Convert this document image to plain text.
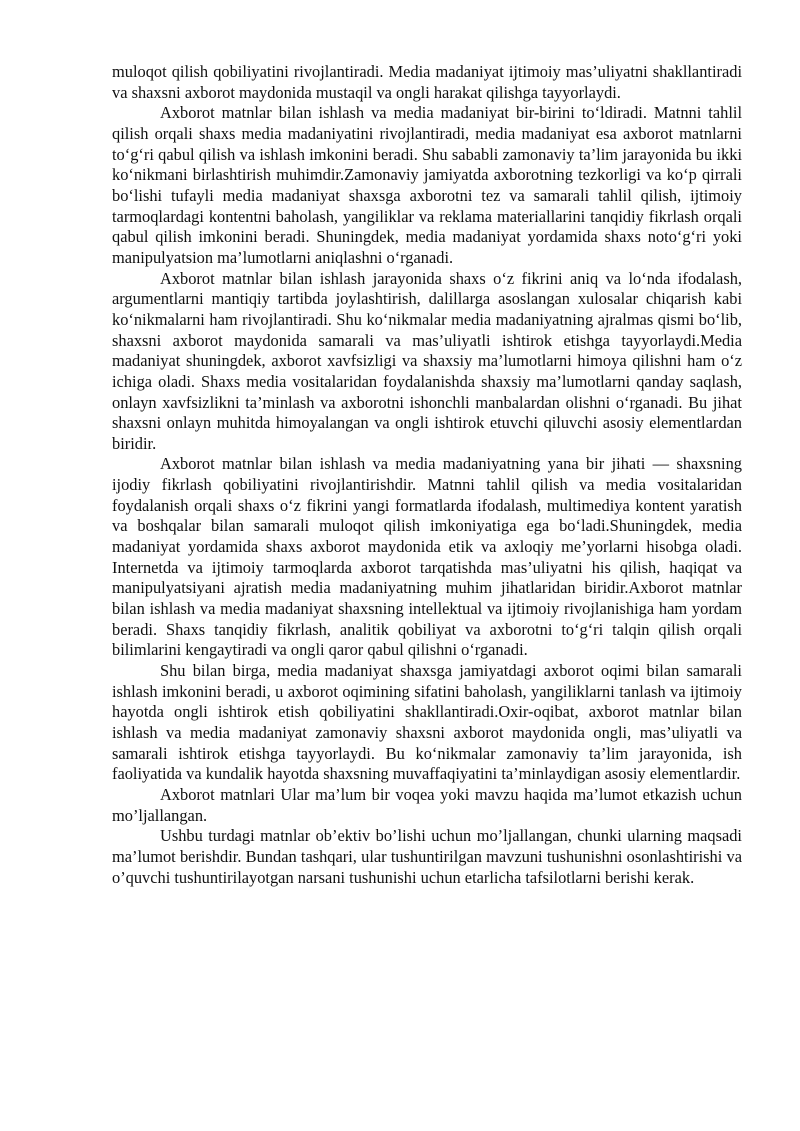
muloqot qilish qobiliyatini rivojlantiradi. Media madaniyat ijtimoiy mas’uliyatni shakllantiradi va shaxsni axborot maydonida mustaqil va ongli harakat qilishga tayyorlaydi.

Axborot matnlar bilan ishlash va media madaniyat bir-birini to‘ldiradi. Matnni tahlil qilish orqali shaxs media madaniyatini rivojlantiradi, media madaniyat esa axborot matnlarni to‘g‘ri qabul qilish va ishlash imkonini beradi. Shu sababli zamonaviy ta’lim jarayonida bu ikki ko‘nikmani birlashtirish muhimdir.Zamonaviy jamiyatda axborotning tezkorligi va ko‘p qirrali bo‘lishi tufayli media madaniyat shaxsga axborotni tez va samarali tahlil qilish, ijtimoiy tarmoqlardagi kontentni baholash, yangiliklar va reklama materiallarini tanqidiy fikrlash orqali qabul qilish imkonini beradi. Shuningdek, media madaniyat yordamida shaxs noto‘g‘ri yoki manipulyatsion ma’lumotlarni aniqlashni o‘rganadi.

Axborot matnlar bilan ishlash jarayonida shaxs o‘z fikrini aniq va lo‘nda ifodalash, argumentlarni mantiqiy tartibda joylashtirish, dalillarga asoslangan xulosalar chiqarish kabi ko‘nikmalarni ham rivojlantiradi. Shu ko‘nikmalar media madaniyatning ajralmas qismi bo‘lib, shaxsni axborot maydonida samarali va mas’uliyatli ishtirok etishga tayyorlaydi.Media madaniyat shuningdek, axborot xavfsizligi va shaxsiy ma’lumotlarni himoya qilishni ham o‘z ichiga oladi. Shaxs media vositalaridan foydalanishda shaxsiy ma’lumotlarni qanday saqlash, onlayn xavfsizlikni ta’minlash va axborotni ishonchli manbalardan olishni o‘rganadi. Bu jihat shaxsni onlayn muhitda himoyalangan va ongli ishtirok etuvchi qiluvchi asosiy elementlardan biridir.

Axborot matnlar bilan ishlash va media madaniyatning yana bir jihati — shaxsning ijodiy fikrlash qobiliyatini rivojlantirishdir. Matnni tahlil qilish va media vositalaridan foydalanish orqali shaxs o‘z fikrini yangi formatlarda ifodalash, multimediya kontent yaratish va boshqalar bilan samarali muloqot qilish imkoniyatiga ega bo‘ladi.Shuningdek, media madaniyat yordamida shaxs axborot maydonida etik va axloqiy me’yorlarni hisobga oladi. Internetda va ijtimoiy tarmoqlarda axborot tarqatishda mas’uliyatni his qilish, haqiqat va manipulyatsiyani ajratish media madaniyatning muhim jihatlaridan biridir.Axborot matnlar bilan ishlash va media madaniyat shaxsning intellektual va ijtimoiy rivojlanishiga ham yordam beradi. Shaxs tanqidiy fikrlash, analitik qobiliyat va axborotni to‘g‘ri talqin qilish orqali bilimlarini kengaytiradi va ongli qaror qabul qilishni o‘rganadi.

Shu bilan birga, media madaniyat shaxsga jamiyatdagi axborot oqimi bilan samarali ishlash imkonini beradi, u axborot oqimining sifatini baholash, yangiliklarni tanlash va ijtimoiy hayotda ongli ishtirok etish qobiliyatini shakllantiradi.Oxir-oqibat, axborot matnlar bilan ishlash va media madaniyat zamonaviy shaxsni axborot maydonida ongli, mas’uliyatli va samarali ishtirok etishga tayyorlaydi. Bu ko‘nikmalar zamonaviy ta’lim jarayonida, ish faoliyatida va kundalik hayotda shaxsning muvaffaqiyatini ta’minlaydigan asosiy elementlardir.

Axborot matnlari Ular ma’lum bir voqea yoki mavzu haqida ma’lumot etkazish uchun mo’ljallangan.

Ushbu turdagi matnlar ob’ektiv bo’lishi uchun mo’ljallangan, chunki ularning maqsadi ma’lumot berishdir. Bundan tashqari, ular tushuntirilgan mavzuni tushunishni osonlashtirishi va o’quvchi tushuntirilayotgan narsani tushunishi uchun etarlicha tafsilotlarni berishi kerak.
